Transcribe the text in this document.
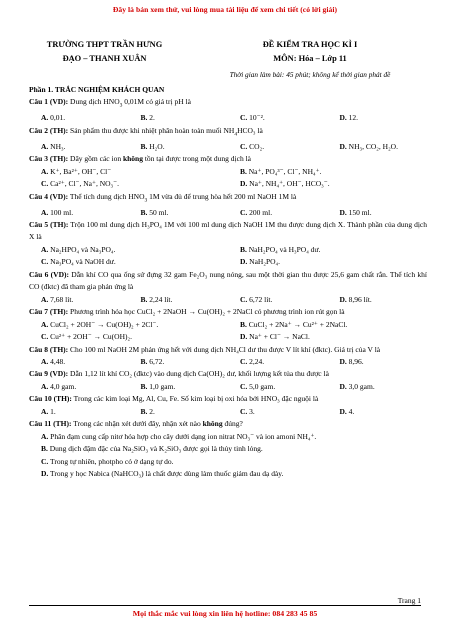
Đây là bản xem thử, vui lòng mua tài liệu để xem chi tiết (có lời giải)
TRƯỜNG THPT TRẦN HƯNG
ĐẠO – THANH XUÂN
ĐỀ KIỂM TRA HỌC KÌ I
MÔN: Hóa – Lớp 11
Thời gian làm bài: 45 phút; không kể thời gian phát đề
Phần 1. TRẮC NGHIỆM KHÁCH QUAN
Câu 1 (VD): Dung dịch $HNO_3$ 0,01M có giá trị pH là
A. 0,01.	B. 2.	C. 10⁻².	D. 12.
Câu 2 (TH): Sản phẩm thu được khi nhiệt phân hoàn toàn muối $NH_4HCO_3$ là
A. NH₃.	B. H₂O.	C. CO₂.	D. NH₃, CO₂, H₂O.
Câu 3 (TH): Dãy gồm các ion không tồn tại được trong một dung dịch là
A. K⁺, Ba²⁺, OH⁻, Cl⁻	B. Na⁺, PO₄³⁻, Cl⁻, NH₄⁺.
C. Ca²⁺, Cl⁻, Na⁺, NO₃⁻.	D. Na⁺, NH₄⁺, OH⁻, HCO₃⁻.
Câu 4 (VD): Thể tích dung dịch $HNO_3$ 1M vừa đủ để trung hòa hết 200 ml NaOH 1M là
A. 100 ml.	B. 50 ml.	C. 200 ml.	D. 150 ml.
Câu 5 (TH): Trộn 100 ml dung dịch H₃PO₄ 1M với 100 ml dung dịch NaOH 1M thu được dung dịch X. Thành phần của dung dịch X là
A. Na₂HPO₄ và Na₃PO₄.	B. NaH₂PO₄ và H₃PO₄ dư.
C. Na₃PO₄ và NaOH dư.	D. NaH₂PO₄.
Câu 6 (VD): Dẫn khí CO qua ống sứ đựng 32 gam Fe₂O₃ nung nóng, sau một thời gian thu được 25,6 gam chất rắn. Thể tích khí CO (đktc) đã tham gia phản ứng là
A. 7,68 lít.	B. 2,24 lít.	C. 6,72 lít.	D. 8,96 lít.
Câu 7 (TH): Phương trình hóa học CuCl₂ + 2NaOH → Cu(OH)₂ + 2NaCl có phương trình ion rút gọn là
A. CuCl₂ + 2OH⁻ → Cu(OH)₂ + 2Cl⁻.	B. CuCl₂ + 2Na⁺ → Cu²⁺ + 2NaCl.
C. Cu²⁺ + 2OH⁻ → Cu(OH)₂.	D. Na⁺ + Cl⁻ → NaCl.
Câu 8 (TH): Cho 100 ml NaOH 2M phản ứng hết với dung dịch NH₄Cl dư thu được V lít khí (đktc). Giá trị của V là
A. 4,48.	B. 6,72.	C. 2,24.	D. 8,96.
Câu 9 (VD): Dẫn 1,12 lít khí CO₂ (đktc) vào dung dịch Ca(OH)₂ dư, khối lượng kết tủa thu được là
A. 4,0 gam.	B. 1,0 gam.	C. 5,0 gam.	D. 3,0 gam.
Câu 10 (TH): Trong các kim loại Mg, Al, Cu, Fe. Số kim loại bị oxi hóa bởi HNO₃ đặc nguội là
A. 1.	B. 2.	C. 3.	D. 4.
Câu 11 (TH): Trong các nhận xét dưới đây, nhận xét nào không đúng?
A. Phân đạm cung cấp nitơ hóa hợp cho cây dưới dạng ion nitrat NO₃⁻ và ion amoni NH₄⁺.
B. Dung dịch đậm đặc của Na₂SiO₃ và K₂SiO₃ được gọi là thủy tinh lỏng.
C. Trong tự nhiên, photpho có ở dạng tự do.
D. Trong y học Nabica (NaHCO₃) là chất được dùng làm thuốc giảm đau dạ dày.
Trang 1
Mọi thắc mắc vui lòng xin liên hệ hotline: 084 283 45 85
